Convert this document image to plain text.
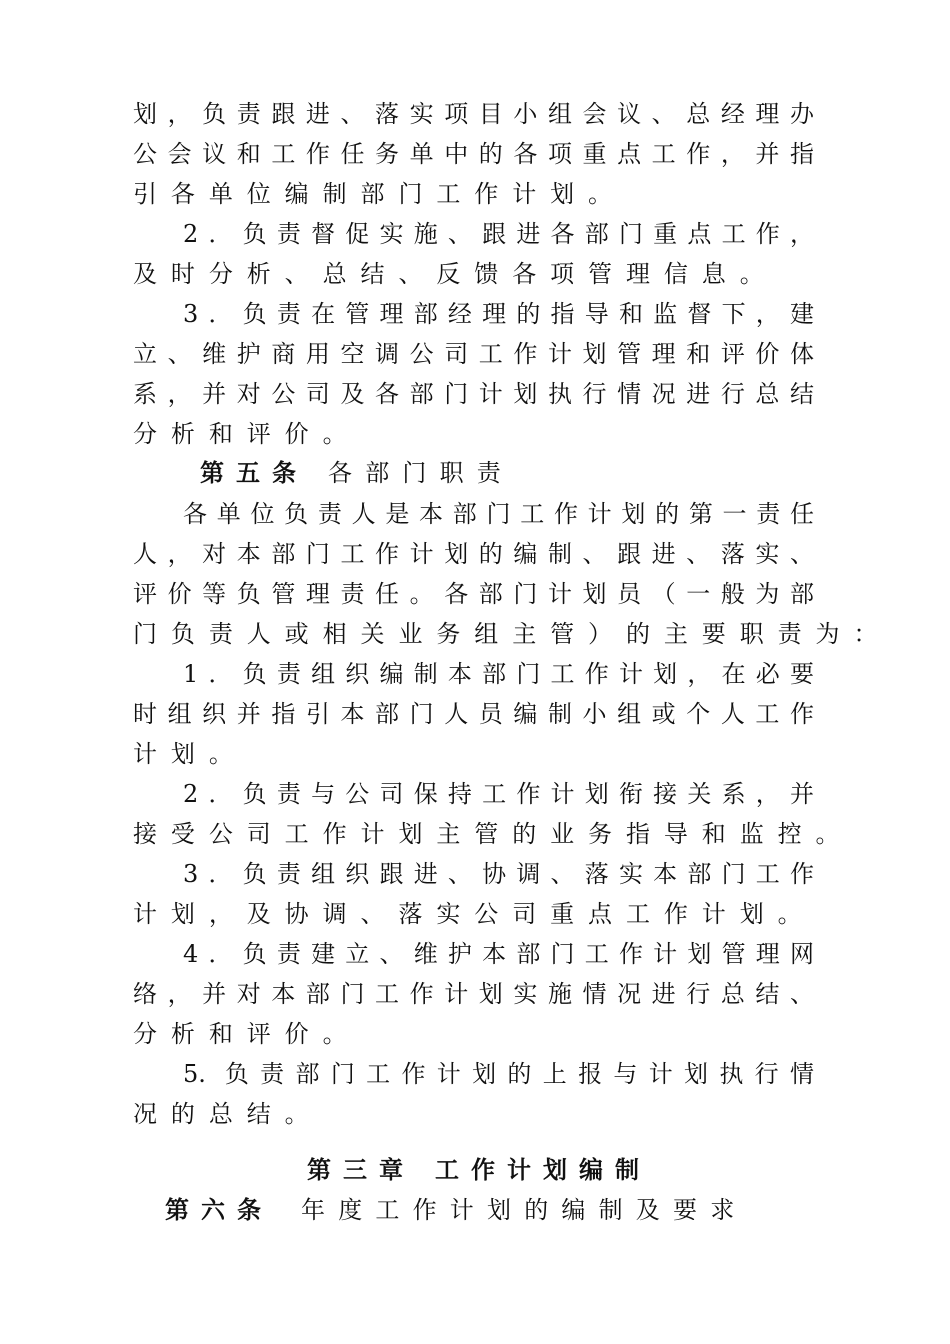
划，负责跟进、落实项目小组会议、总经理办
公会议和工作任务单中的各项重点工作，并指
引各单位编制部门工作计划。
2．负责督促实施、跟进各部门重点工作，
及时分析、总结、反馈各项管理信息。
3．负责在管理部经理的指导和监督下，建
立、维护商用空调公司工作计划管理和评价体
系，并对公司及各部门计划执行情况进行总结
分析和评价。
第五条 各部门职责
各单位负责人是本部门工作计划的第一责任
人，对本部门工作计划的编制、跟进、落实、
评价等负管理责任。各部门计划员（一般为部
门负责人或相关业务组主管）的主要职责为：
1．负责组织编制本部门工作计划，在必要
时组织并指引本部门人员编制小组或个人工作
计划。
2．负责与公司保持工作计划衔接关系，并
接受公司工作计划主管的业务指导和监控。
3．负责组织跟进、协调、落实本部门工作
计划，及协调、落实公司重点工作计划。
4．负责建立、维护本部门工作计划管理网
络，并对本部门工作计划实施情况进行总结、
分析和评价。
5. 负责部门工作计划的上报与计划执行情
况的总结。
第三章 工作计划编制
第六条 年度工作计划的编制及要求
